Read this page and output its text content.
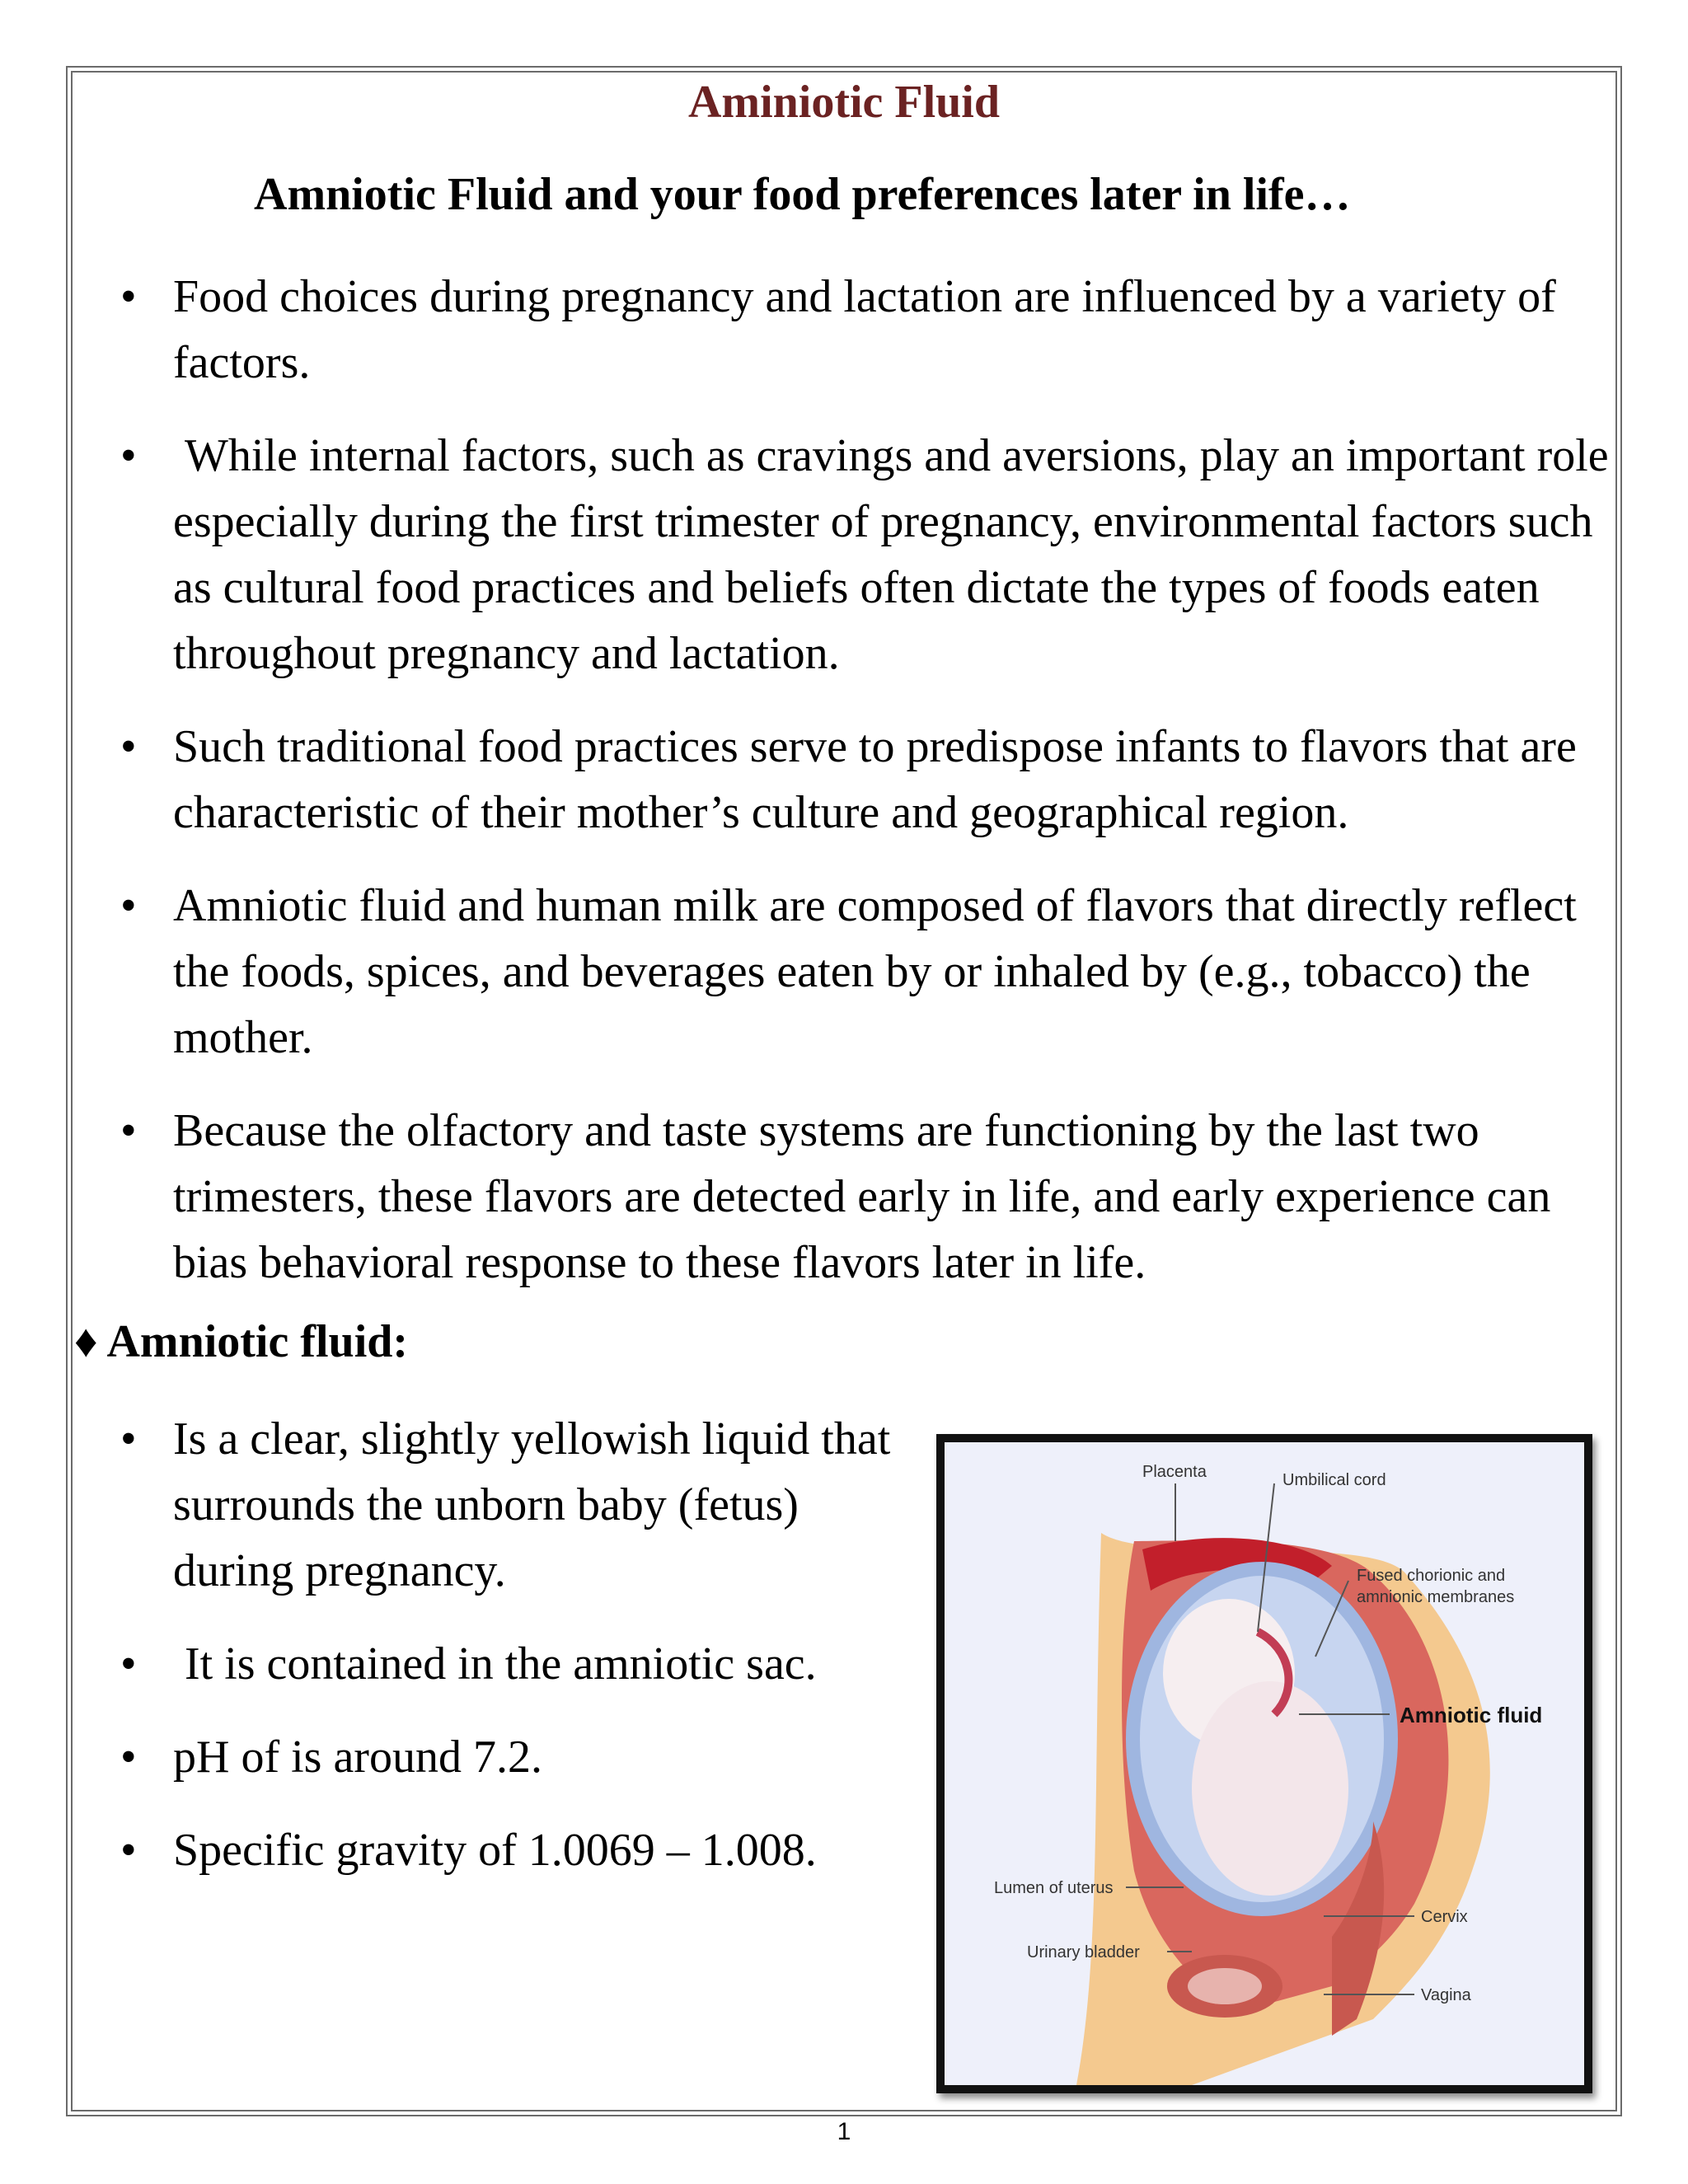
Aminiotic Fluid
Amniotic Fluid and your food preferences later in life…
• Food choices during pregnancy and lactation are influenced by a variety of factors.
• While internal factors, such as cravings and aversions, play an important role especially during the first trimester of pregnancy, environmental factors such as cultural food practices and beliefs often dictate the types of foods eaten throughout pregnancy and lactation.
• Such traditional food practices serve to predispose infants to flavors that are characteristic of their mother’s culture and geographical region.
• Amniotic fluid and human milk are composed of flavors that directly reflect the foods, spices, and beverages eaten by or inhaled by (e.g., tobacco) the mother.
• Because the olfactory and taste systems are functioning by the last two trimesters, these flavors are detected early in life, and early experience can bias behavioral response to these flavors later in life.
♦ Amniotic fluid:
• Is a clear, slightly yellowish liquid that surrounds the unborn baby (fetus) during pregnancy.
• It is contained in the amniotic sac.
• pH of is around 7.2.
• Specific gravity of 1.0069 – 1.008.
Placenta	Umbilical cord
Fused chorionic and
amnionic membranes
Amniotic fluid
Lumen of uterus
Cervix
Urinary bladder
Vagina
1
